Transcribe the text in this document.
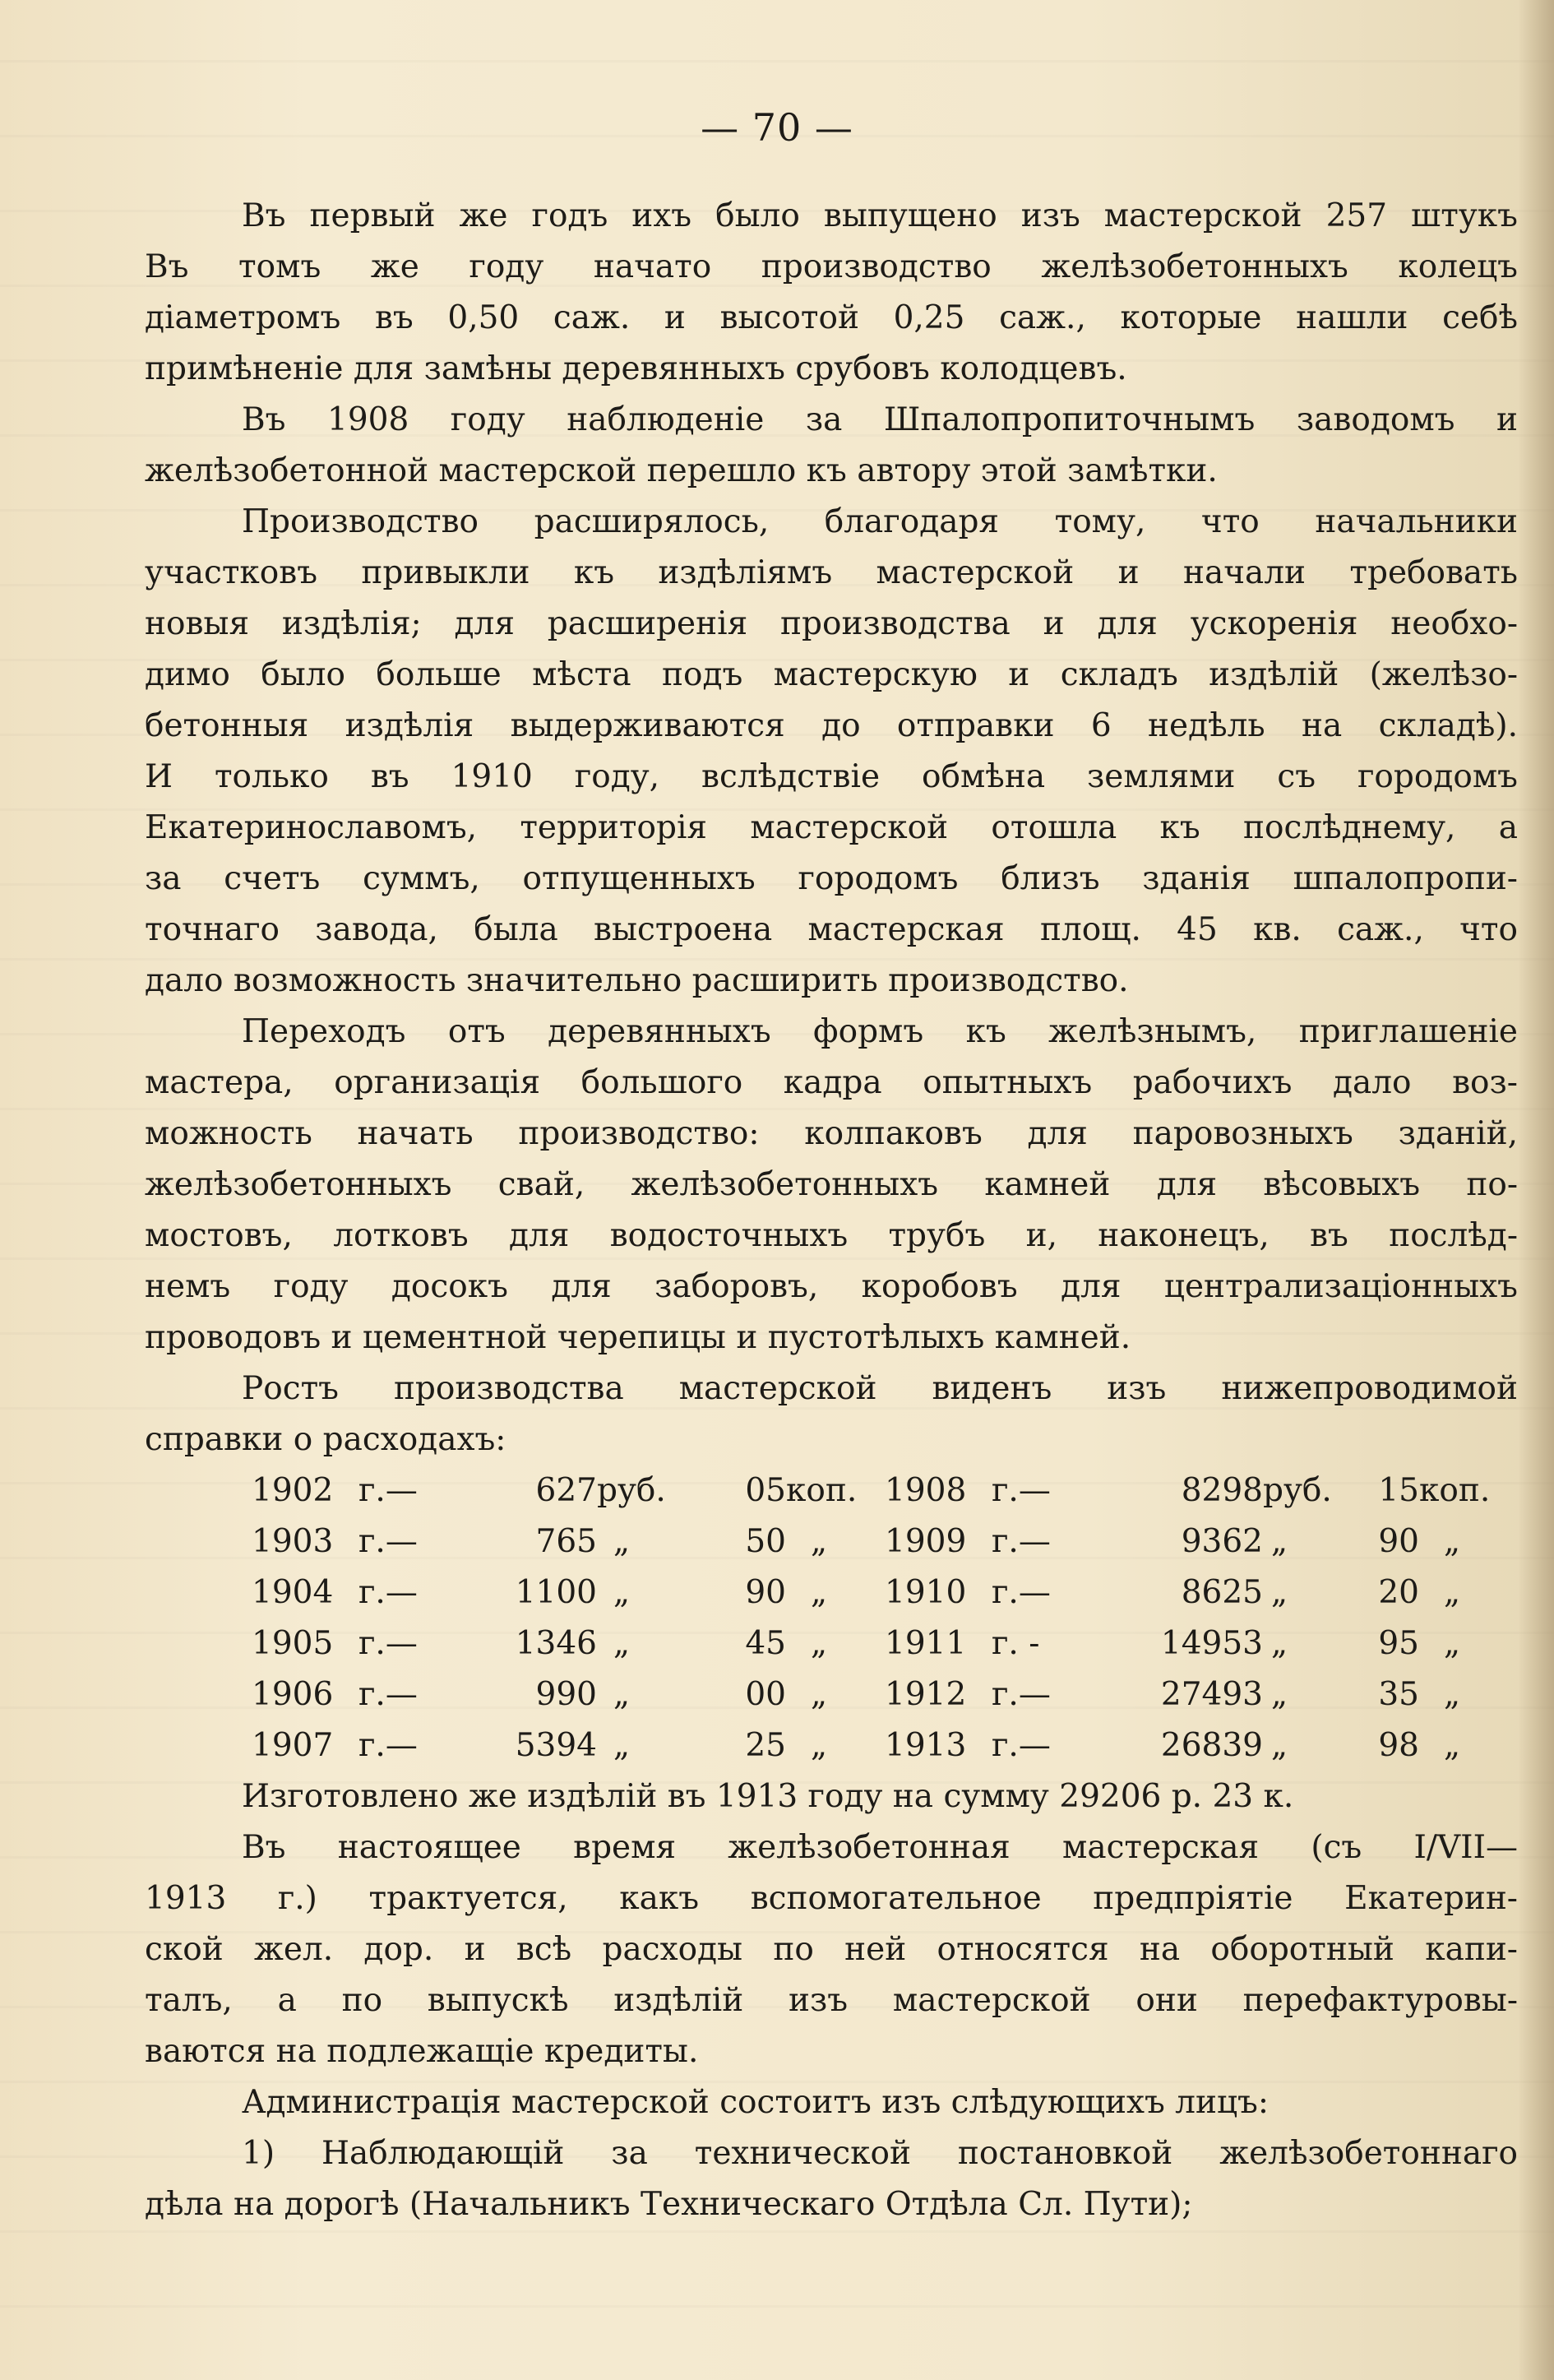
— 70 —
Въ первый же годъ ихъ было выпущено изъ мастерской 257 штукъ
Въ томъ же году начато производство желѣзобетонныхъ колецъ
діаметромъ въ 0,50 саж. и высотой 0,25 саж., которые нашли себѣ
примѣненіе для замѣны деревянныхъ срубовъ колодцевъ.
Въ 1908 году наблюденіе за Шпалопропиточнымъ заводомъ и
желѣзобетонной мастерской перешло къ автору этой замѣтки.
Производство расширялось, благодаря тому, что начальники
участковъ привыкли къ издѣліямъ мастерской и начали требовать
новыя издѣлія; для расширенія производства и для ускоренія необхо-
димо было больше мѣста подъ мастерскую и складъ издѣлій (желѣзо-
бетонныя издѣлія выдерживаются до отправки 6 недѣль на складѣ).
И только въ 1910 году, вслѣдствіе обмѣна землями съ городомъ
Екатеринославомъ, территорія мастерской отошла къ послѣднему, а
за счетъ суммъ, отпущенныхъ городомъ близъ зданія шпалопропи-
точнаго завода, была выстроена мастерская площ. 45 кв. саж., что
дало возможность значительно расширить производство.
Переходъ отъ деревянныхъ формъ къ желѣзнымъ, приглашеніе
мастера, организація большого кадра опытныхъ рабочихъ дало воз-
можность начать производство: колпаковъ для паровозныхъ зданій,
желѣзобетонныхъ свай, желѣзобетонныхъ камней для вѣсовыхъ по-
мостовъ, лотковъ для водосточныхъ трубъ и, наконецъ, въ послѣд-
немъ году досокъ для заборовъ, коробовъ для централизаціонныхъ
проводовъ и цементной черепицы и пустотѣлыхъ камней.
Ростъ производства мастерской виденъ изъ нижепроводимой
справки о расходахъ:
1902 г.—	627 руб.	05 коп.
1903 г.—	765 „	50 „
1904 г.—	1100 „	90 „
1905 г.—	1346 „	45 „
1906 г.—	990 „	00 „
1907 г.—	5394 „	25 „
1908 г.—	8298 руб.	15 коп.
1909 г.—	9362 „	90 „
1910 г.—	8625 „	20 „
1911 г. -	14953 „	95 „
1912 г.—	27493 „	35 „
1913 г.—	26839 „	98 „
Изготовлено же издѣлій въ 1913 году на сумму 29206 р. 23 к.
Въ настоящее время желѣзобетонная мастерская (съ I/VII—
1913 г.) трактуется, какъ вспомогательное предпріятіе Екатерин-
ской жел. дор. и всѣ расходы по ней относятся на оборотный капи-
талъ, а по выпускѣ издѣлій изъ мастерской они перефактуровы-
ваются на подлежащіе кредиты.
Администрація мастерской состоитъ изъ слѣдующихъ лицъ:
1) Наблюдающій за технической постановкой желѣзобетоннаго
дѣла на дорогѣ (Начальникъ Техническаго Отдѣла Сл. Пути);
